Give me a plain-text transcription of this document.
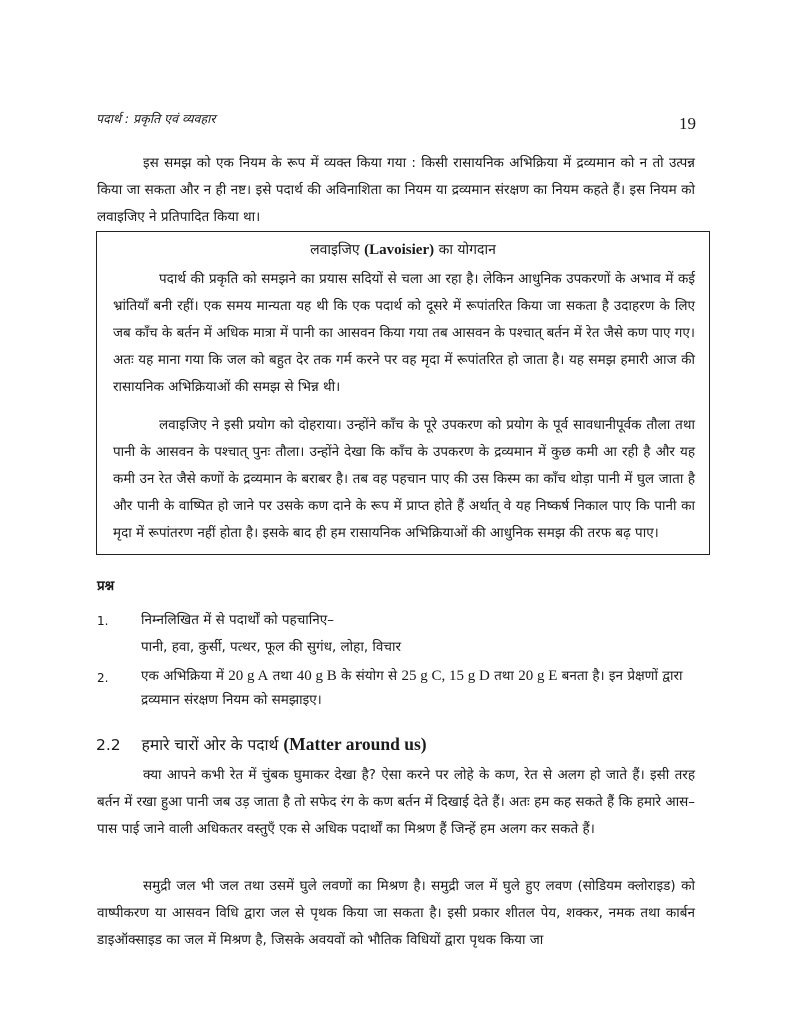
पदार्थ : प्रकृति एवं व्यवहार	19

इस समझ को एक नियम के रूप में व्यक्त किया गया : किसी रासायनिक अभिक्रिया में द्रव्यमान को न तो उत्पन्न किया जा सकता और न ही नष्ट। इसे पदार्थ की अविनाशिता का नियम या द्रव्यमान संरक्षण का नियम कहते हैं। इस नियम को लवाइजिए ने प्रतिपादित किया था।

लवाइजिए (Lavoisier) का योगदान

पदार्थ की प्रकृति को समझने का प्रयास सदियों से चला आ रहा है। लेकिन आधुनिक उपकरणों के अभाव में कई भ्रांतियाँ बनी रहीं। एक समय मान्यता यह थी कि एक पदार्थ को दूसरे में रूपांतरित किया जा सकता है उदाहरण के लिए जब काँच के बर्तन में अधिक मात्रा में पानी का आसवन किया गया तब आसवन के पश्चात् बर्तन में रेत जैसे कण पाए गए। अतः यह माना गया कि जल को बहुत देर तक गर्म करने पर वह मृदा में रूपांतरित हो जाता है। यह समझ हमारी आज की रासायनिक अभिक्रियाओं की समझ से भिन्न थी।

लवाइजिए ने इसी प्रयोग को दोहराया। उन्होंने काँच के पूरे उपकरण को प्रयोग के पूर्व सावधानीपूर्वक तौला तथा पानी के आसवन के पश्चात् पुनः तौला। उन्होंने देखा कि काँच के उपकरण के द्रव्यमान में कुछ कमी आ रही है और यह कमी उन रेत जैसे कणों के द्रव्यमान के बराबर है। तब वह पहचान पाए की उस किस्म का काँच थोड़ा पानी में घुल जाता है और पानी के वाष्पित हो जाने पर उसके कण दाने के रूप में प्राप्त होते हैं अर्थात् वे यह निष्कर्ष निकाल पाए कि पानी का मृदा में रूपांतरण नहीं होता है। इसके बाद ही हम रासायनिक अभिक्रियाओं की आधुनिक समझ की तरफ बढ़ पाए।

प्रश्न
1. निम्नलिखित में से पदार्थों को पहचानिए–

पानी, हवा, कुर्सी, पत्थर, फूल की सुगंध, लोहा, विचार

2. एक अभिक्रिया में 20 g A तथा 40 g B के संयोग से 25 g C, 15 g D तथा 20 g E बनता है। इन प्रेक्षणों द्वारा द्रव्यमान संरक्षण नियम को समझाइए।

2.2 हमारे चारों ओर के पदार्थ (Matter around us)

क्या आपने कभी रेत में चुंबक घुमाकर देखा है? ऐसा करने पर लोहे के कण, रेत से अलग हो जाते हैं। इसी तरह बर्तन में रखा हुआ पानी जब उड़ जाता है तो सफेद रंग के कण बर्तन में दिखाई देते हैं। अतः हम कह सकते हैं कि हमारे आस–पास पाई जाने वाली अधिकतर वस्तुएँ एक से अधिक पदार्थों का मिश्रण हैं जिन्हें हम अलग कर सकते हैं।

समुद्री जल भी जल तथा उसमें घुले लवणों का मिश्रण है। समुद्री जल में घुले हुए लवण (सोडियम क्लोराइड) को वाष्पीकरण या आसवन विधि द्वारा जल से पृथक किया जा सकता है। इसी प्रकार शीतल पेय, शक्कर, नमक तथा कार्बन डाइऑक्साइड का जल में मिश्रण है, जिसके अवयवों को भौतिक विधियों द्वारा पृथक किया जा
